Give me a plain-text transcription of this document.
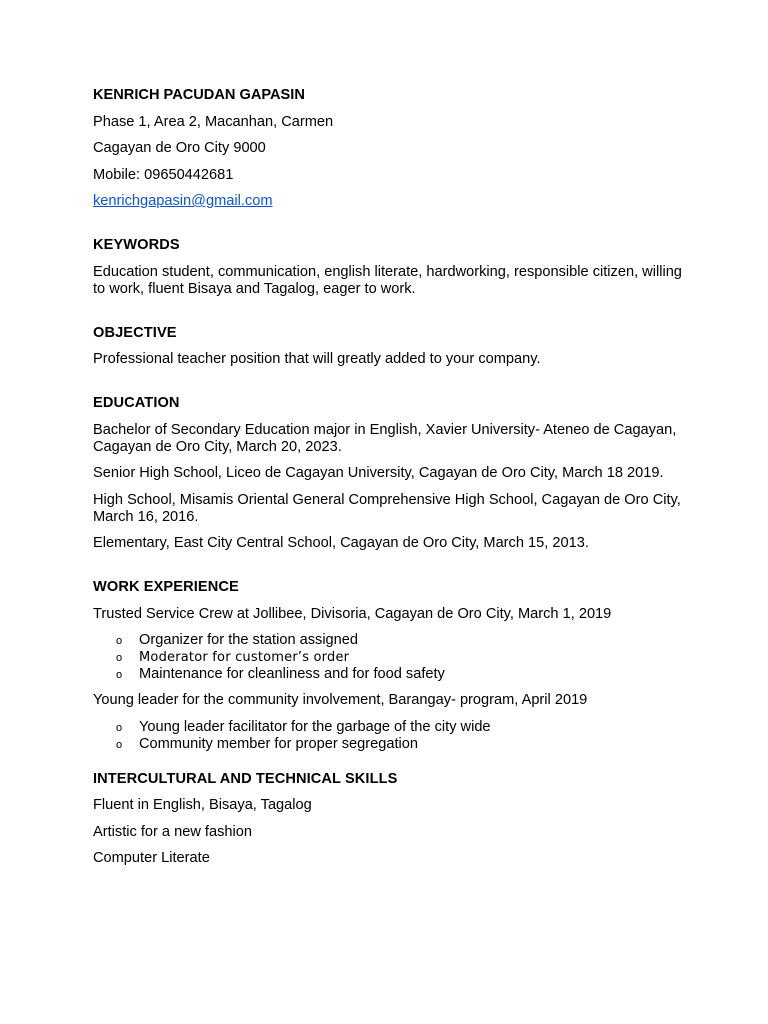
KENRICH PACUDAN GAPASIN
Phase 1, Area 2, Macanhan, Carmen
Cagayan de Oro City 9000
Mobile: 09650442681
kenrichgapasin@gmail.com
KEYWORDS
Education student, communication, english literate, hardworking, responsible citizen, willing to work, fluent Bisaya and Tagalog, eager to work.
OBJECTIVE
Professional teacher position that will greatly added to your company.
EDUCATION
Bachelor of Secondary Education major in English, Xavier University- Ateneo de Cagayan, Cagayan de Oro City, March 20, 2023.
Senior High School, Liceo de Cagayan University, Cagayan de Oro City, March 18 2019.
High School, Misamis Oriental General Comprehensive High School, Cagayan de Oro City, March 16, 2016.
Elementary, East City Central School, Cagayan de Oro City, March 15, 2013.
WORK EXPERIENCE
Trusted Service Crew at Jollibee, Divisoria, Cagayan de Oro City, March 1, 2019
o Organizer for the station assigned
o Moderator for customer’s order
o Maintenance for cleanliness and for food safety
Young leader for the community involvement, Barangay- program, April 2019
o Young leader facilitator for the garbage of the city wide
o Community member for proper segregation
INTERCULTURAL AND TECHNICAL SKILLS
Fluent in English, Bisaya, Tagalog
Artistic for a new fashion
Computer Literate
